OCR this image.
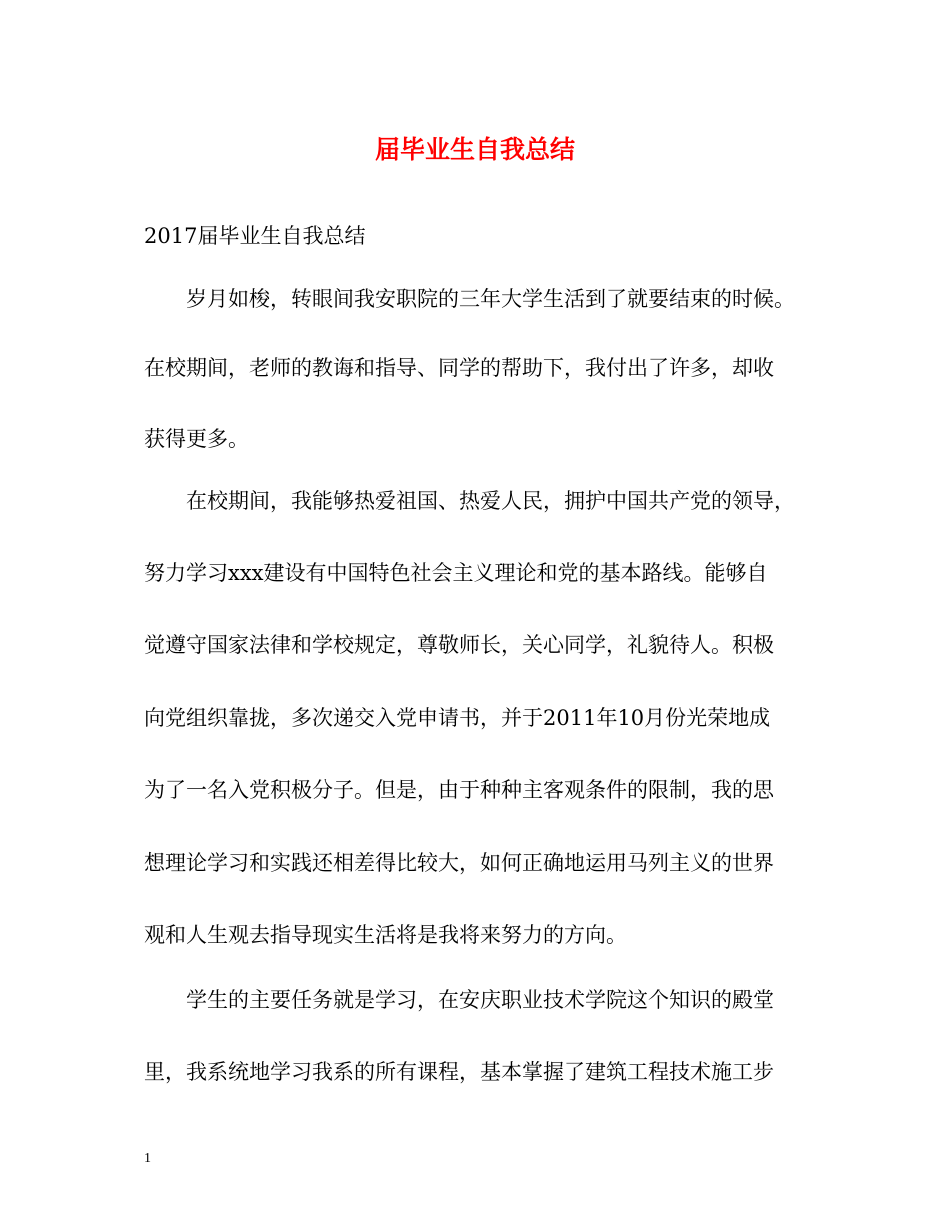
届毕业生自我总结
2017届毕业生自我总结
岁月如梭，转眼间我安职院的三年大学生活到了就要结束的时候。
在校期间，老师的教诲和指导、同学的帮助下，我付出了许多，却收
获得更多。
在校期间，我能够热爱祖国、热爱人民，拥护中国共产党的领导，
努力学习xxx建设有中国特色社会主义理论和党的基本路线。能够自
觉遵守国家法律和学校规定，尊敬师长，关心同学，礼貌待人。积极
向党组织靠拢，多次递交入党申请书，并于2011年10月份光荣地成
为了一名入党积极分子。但是，由于种种主客观条件的限制，我的思
想理论学习和实践还相差得比较大，如何正确地运用马列主义的世界
观和人生观去指导现实生活将是我将来努力的方向。
学生的主要任务就是学习，在安庆职业技术学院这个知识的殿堂
里，我系统地学习我系的所有课程，基本掌握了建筑工程技术施工步
1
